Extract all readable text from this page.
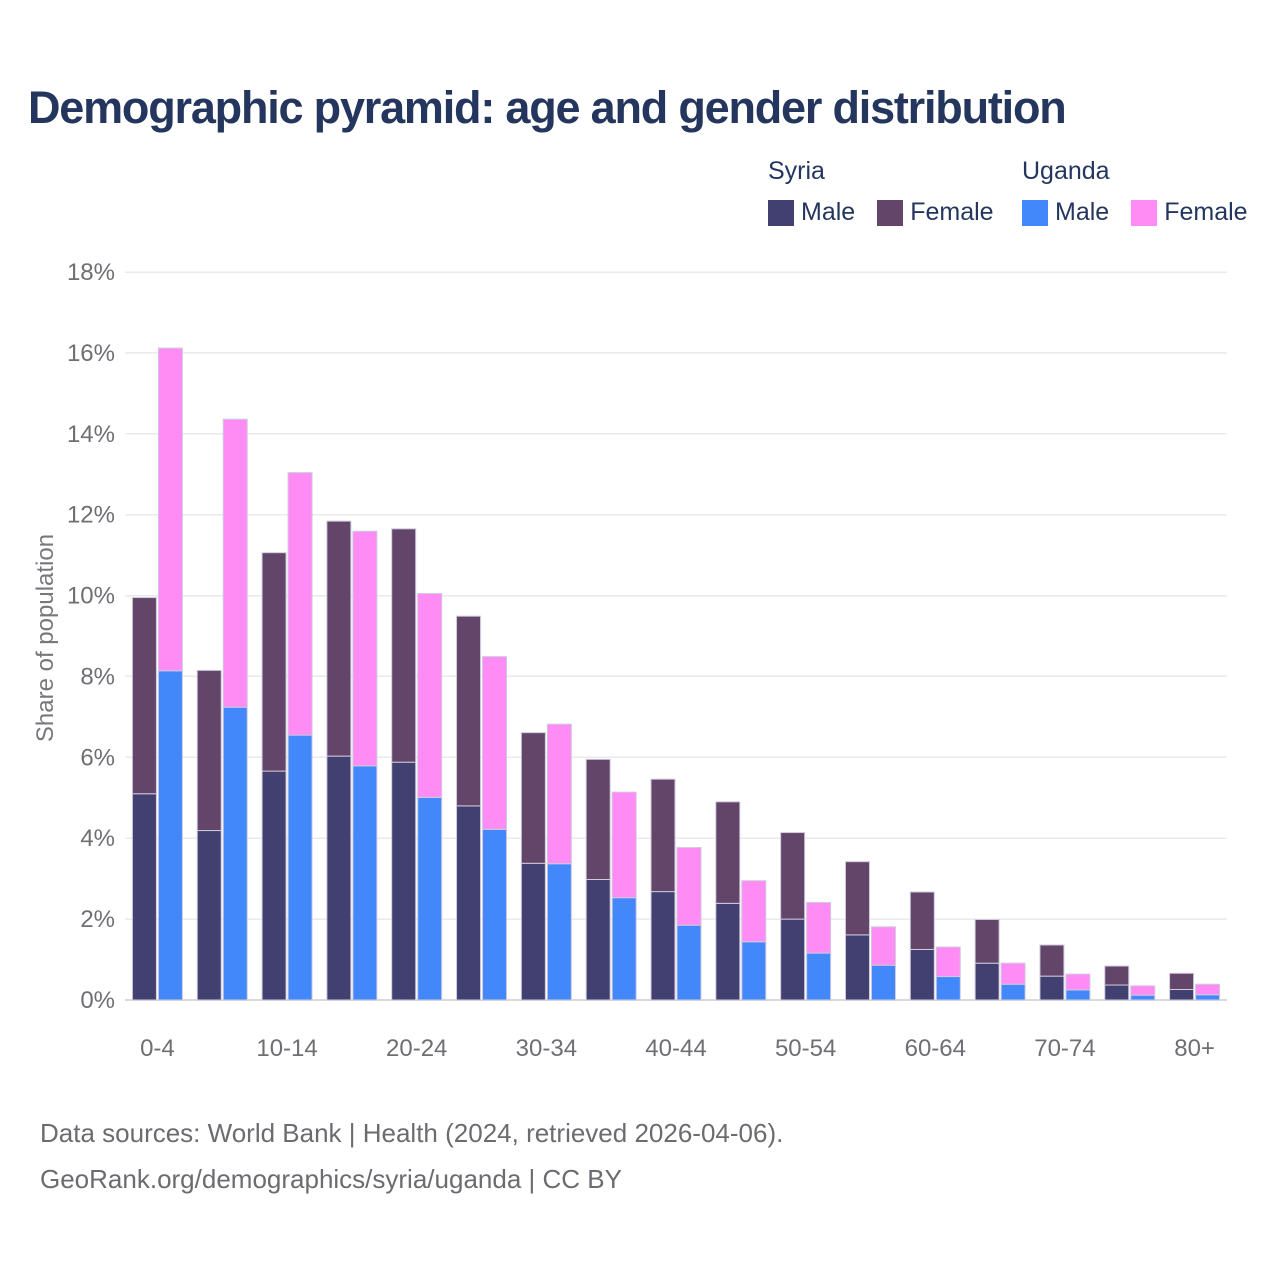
Demographic pyramid: age and gender distribution
Syria
Male Female
Uganda
Male Female
Share of population
0%
2%
4%
6%
8%
10%
12%
14%
16%
18%
0-4	10-14	20-24	30-34	40-44	50-54	60-64	70-74	80+
Data sources: World Bank | Health (2024, retrieved 2026-04-06).
GeoRank.org/demographics/syria/uganda | CC BY
